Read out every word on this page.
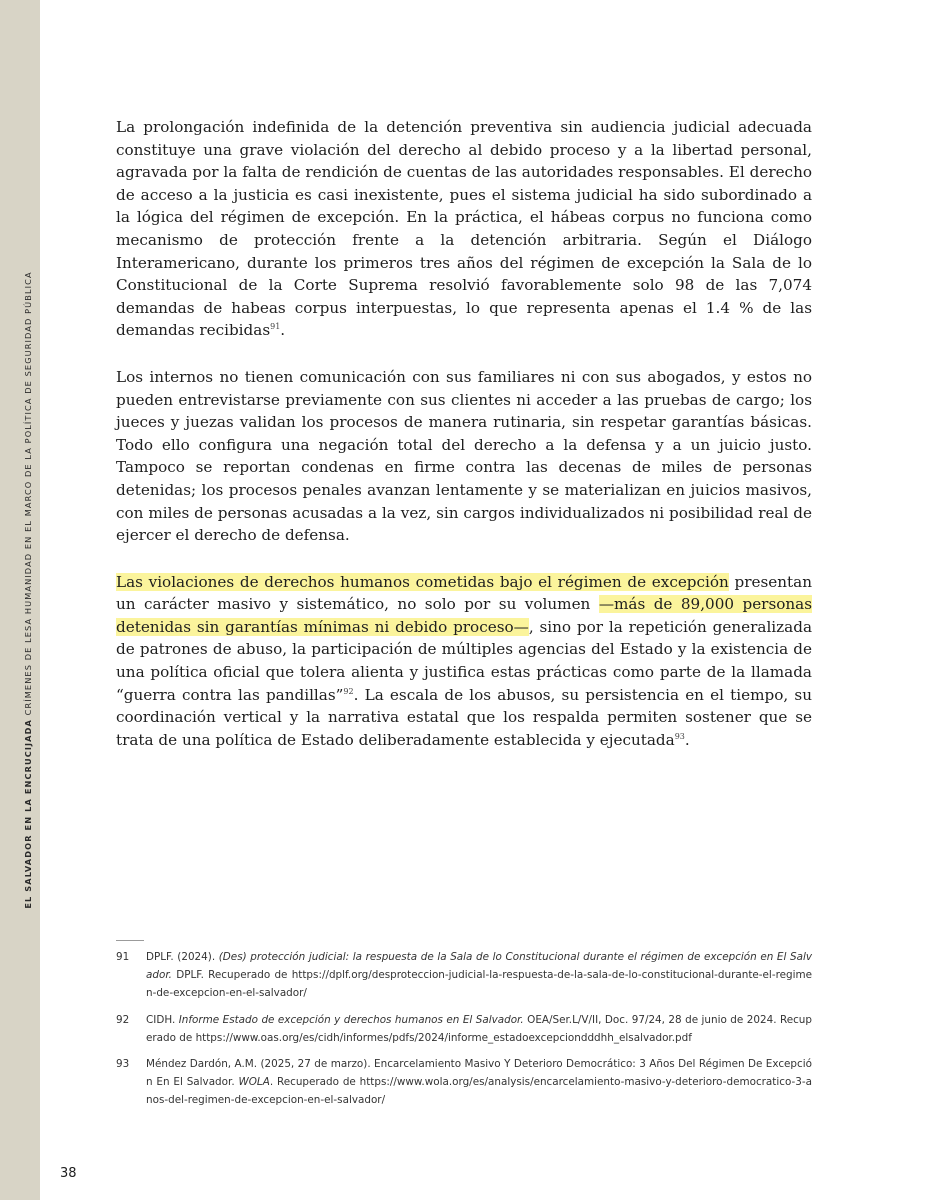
EL SALVADOR EN LA ENCRUCIJADA CRÍMENES DE LESA HUMANIDAD EN EL MARCO DE LA POLÍTICA DE SEGURIDAD PÚBLICA

La prolongación indefinida de la detención preventiva sin audiencia judicial adecuada constituye una grave violación del derecho al debido proceso y a la libertad personal, agravada por la falta de rendición de cuentas de las autoridades responsables. El derecho de acceso a la justicia es casi inexistente, pues el sistema judicial ha sido subordinado a la lógica del régimen de excepción. En la práctica, el hábeas corpus no funciona como mecanismo de protección frente a la detención arbitraria. Según el Diálogo Interamericano, durante los primeros tres años del régimen de excepción la Sala de lo Constitucional de la Corte Suprema resolvió favorablemente solo 98 de las 7,074 demandas de habeas corpus interpuestas, lo que representa apenas el 1.4 % de las demandas recibidas$^{91}$.

Los internos no tienen comunicación con sus familiares ni con sus abogados, y estos no pueden entrevistarse previamente con sus clientes ni acceder a las pruebas de cargo; los jueces y juezas validan los procesos de manera rutinaria, sin respetar garantías básicas. Todo ello configura una negación total del derecho a la defensa y a un juicio justo. Tampoco se reportan condenas en firme contra las decenas de miles de personas detenidas; los procesos penales avanzan lentamente y se materializan en juicios masivos, con miles de personas acusadas a la vez, sin cargos individualizados ni posibilidad real de ejercer el derecho de defensa.

Las violaciones de derechos humanos cometidas bajo el régimen de excepción presentan un carácter masivo y sistemático, no solo por su volumen —más de 89,000 personas detenidas sin garantías mínimas ni debido proceso—, sino por la repetición generalizada de patrones de abuso, la participación de múltiples agencias del Estado y la existencia de una política oficial que tolera alienta y justifica estas prácticas como parte de la llamada “guerra contra las pandillas”$^{92}$. La escala de los abusos, su persistencia en el tiempo, su coordinación vertical y la narrativa estatal que los respalda permiten sostener que se trata de una política de Estado deliberadamente establecida y ejecutada$^{93}$.

91	DPLF. (2024). (Des) protección judicial: la respuesta de la Sala de lo Constitucional durante el régimen de excepción en El Salvador. DPLF. Recuperado de https://dplf.org/desproteccion-judicial-la-respuesta-de-la-sala-de-lo-constitucional-durante-el-regimen-de-excepcion-en-el-salvador/
92	CIDH. Informe Estado de excepción y derechos humanos en El Salvador. OEA/Ser.L/V/II, Doc. 97/24, 28 de junio de 2024. Recuperado de https://www.oas.org/es/cidh/informes/pdfs/2024/informe_estadoexcepciondddhh_elsalvador.pdf
93	Méndez Dardón, A.M. (2025, 27 de marzo). Encarcelamiento Masivo Y Deterioro Democrático: 3 Años Del Régimen De Excepción En El Salvador. WOLA. Recuperado de https://www.wola.org/es/analysis/encarcelamiento-masivo-y-deterioro-democratico-3-anos-del-regimen-de-excepcion-en-el-salvador/
38
